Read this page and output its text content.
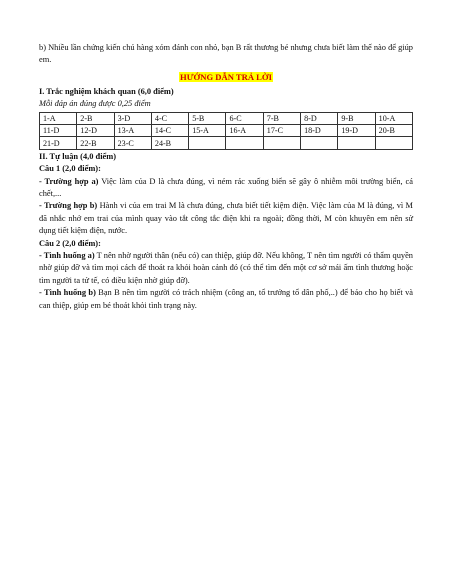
b) Nhiều lần chứng kiến chú hàng xóm đánh con nhỏ, bạn B rất thương bé nhưng chưa biết làm thế nào để giúp em.

HƯỚNG DẪN TRẢ LỜI

I. Trắc nghiệm khách quan (6,0 điểm)

Mỗi đáp án đúng được 0,25 điểm

1-A	2-B	3-D	4-C	5-B	6-C	7-B	8-D	9-B	10-A
11-D	12-D	13-A	14-C	15-A	16-A	17-C	18-D	19-D	20-B
21-D	22-B	23-C	24-B						

II. Tự luận (4,0 điểm)

Câu 1 (2,0 điểm):

- Trường hợp a) Việc làm của D là chưa đúng, vì ném rác xuống biển sẽ gây ô nhiễm môi trường biển, cá chết,...

- Trường hợp b) Hành vi của em trai M là chưa đúng, chưa biết tiết kiệm điện. Việc làm của M là đúng, vì M đã nhắc nhở em trai của mình quay vào tắt công tắc điện khi ra ngoài; đồng thời, M còn khuyên em nên sử dụng tiết kiệm điện, nước.

Câu 2 (2,0 điểm):

- Tình huống a) T nên nhờ người thân (nếu có) can thiệp, giúp đỡ. Nếu không, T nên tìm người có thẩm quyền nhờ giúp đỡ và tìm mọi cách để thoát ra khỏi hoàn cảnh đó (có thể tìm đến một cơ sở mái ấm tình thương hoặc tìm người ta tử tế, có điều kiện nhờ giúp đỡ).

- Tình huống b) Bạn B nên tìm người có trách nhiệm (công an, tổ trưởng tổ dân phố,..) để báo cho họ biết và can thiệp, giúp em bé thoát khỏi tình trạng này.
